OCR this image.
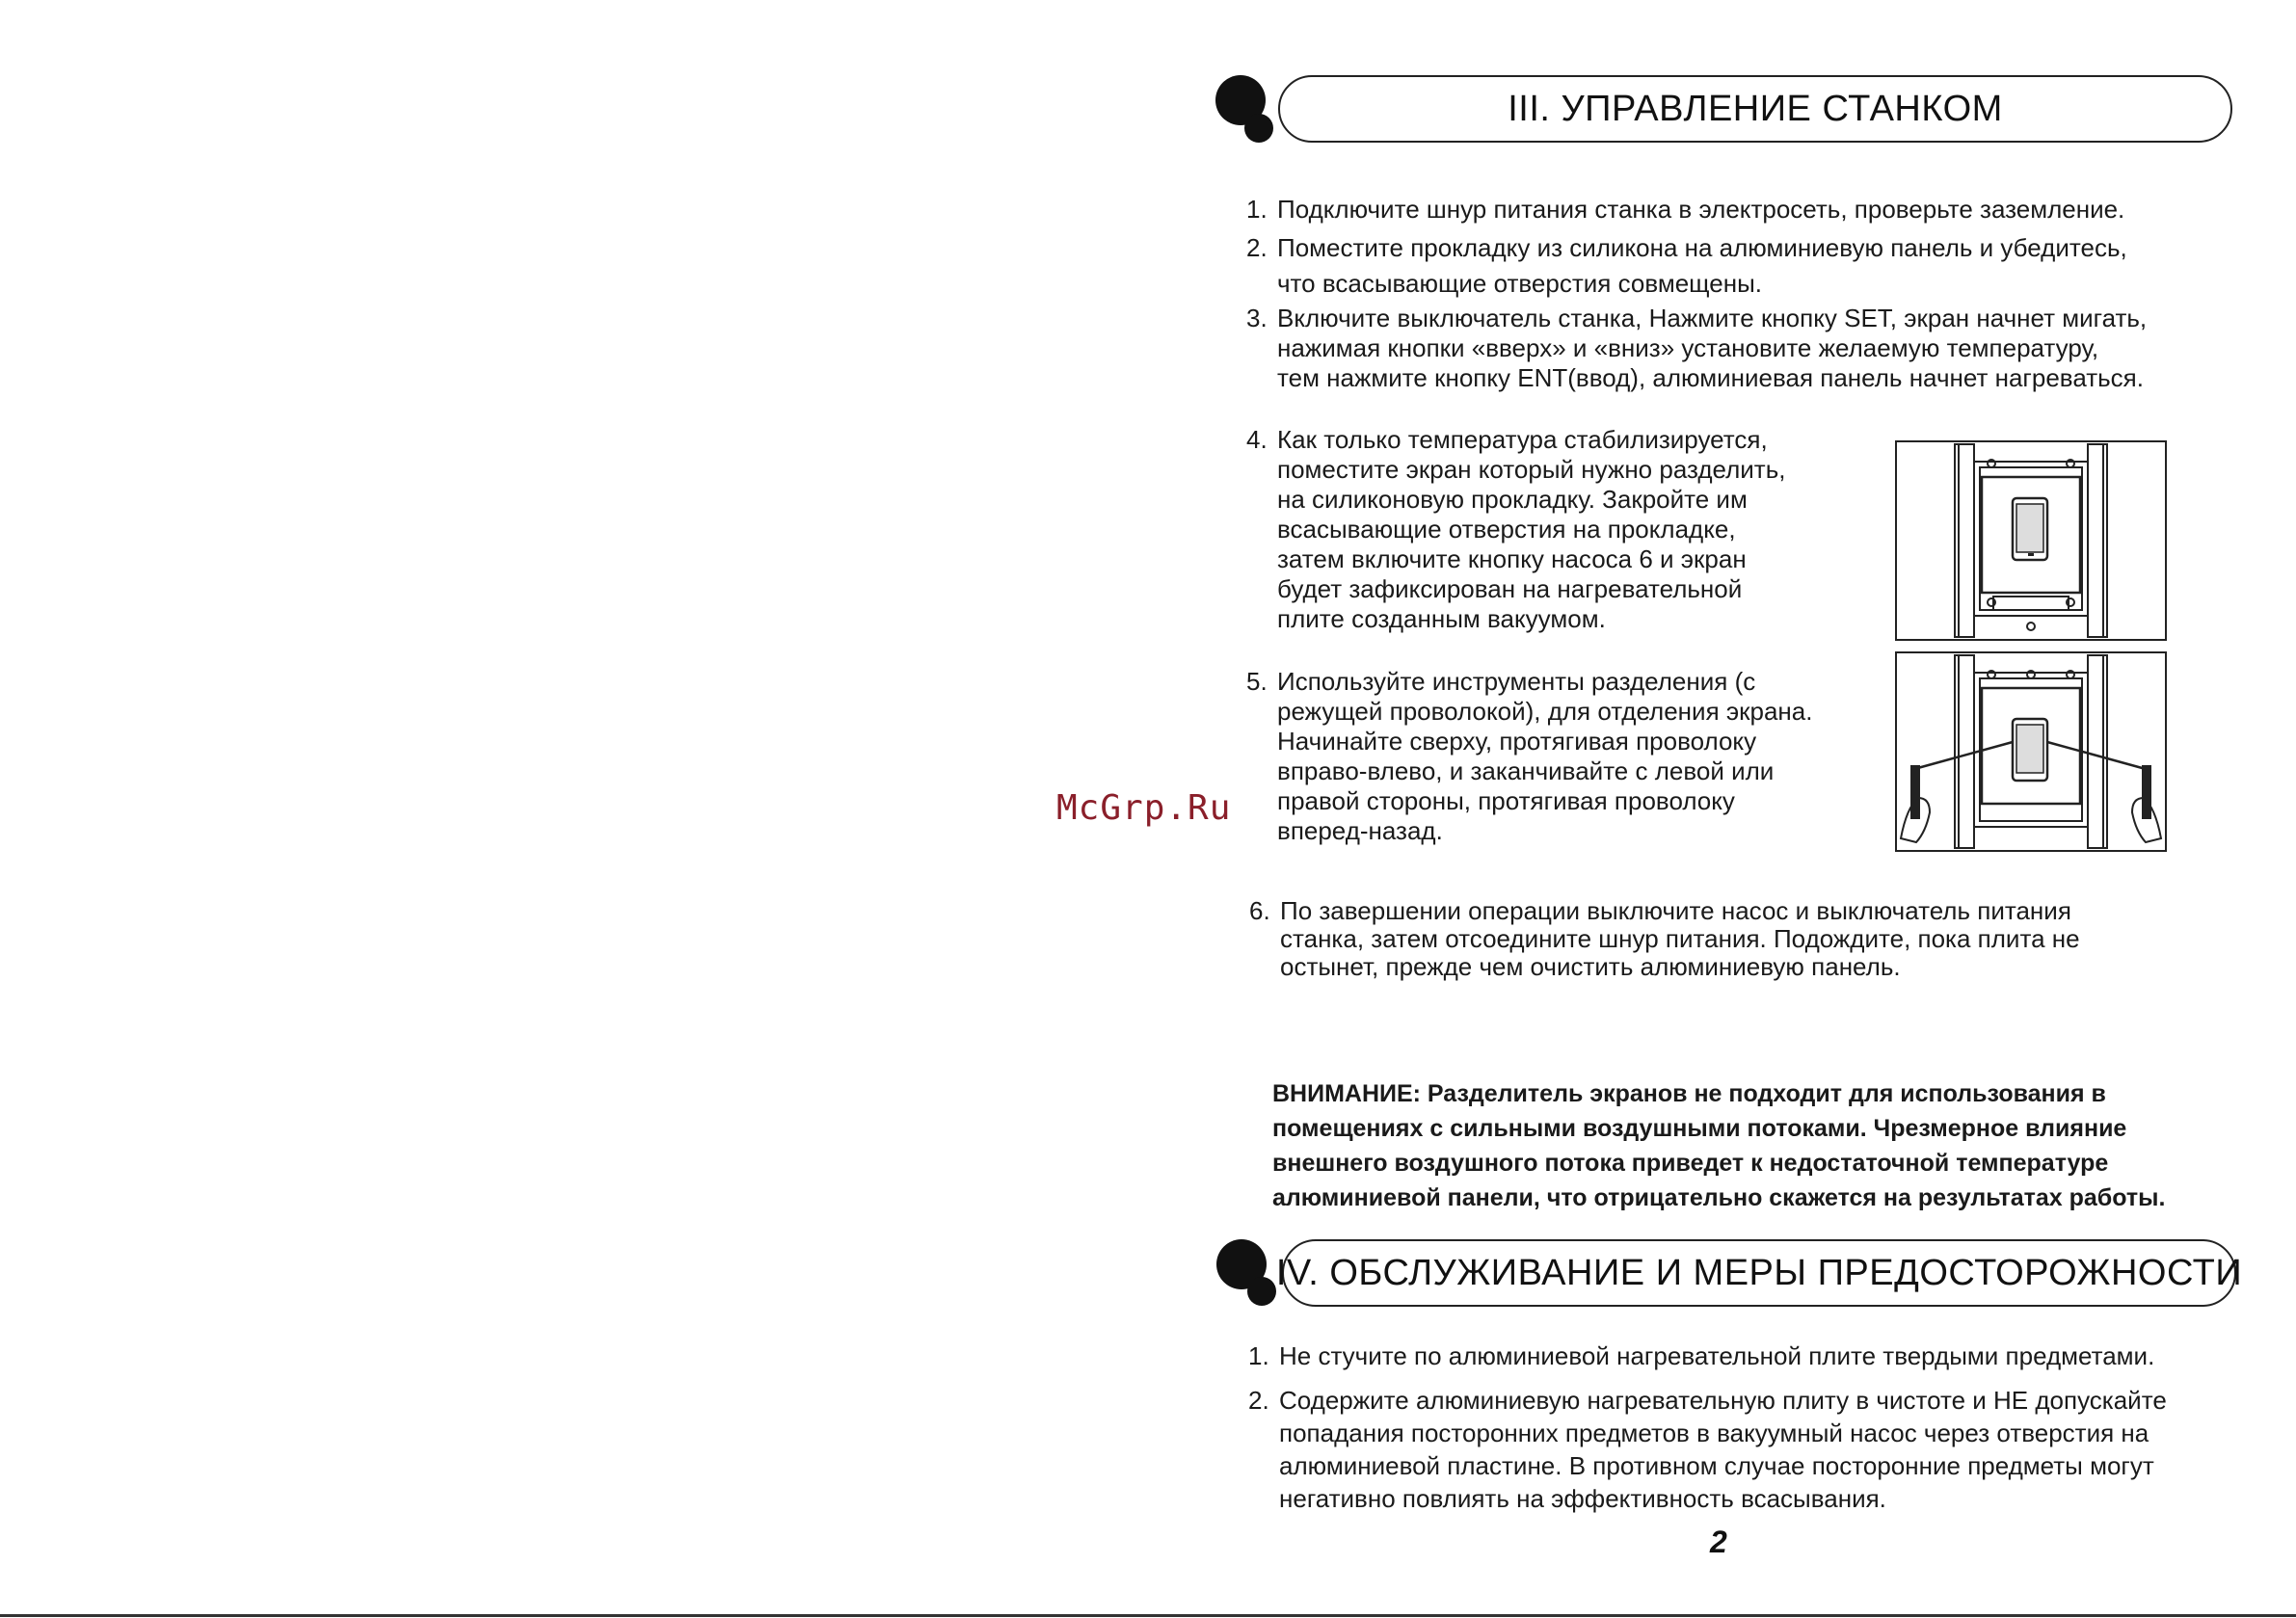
III. УПРАВЛЕНИЕ СТАНКОМ
1. Подключите шнур питания станка в электросеть, проверьте заземление.
2. Поместите прокладку из силикона на алюминиевую панель и убедитесь,
что всасывающие отверстия совмещены.
3. Включите выключатель станка, Нажмите кнопку SET, экран начнет мигать,
нажимая кнопки «вверх» и «вниз» установите желаемую температуру,
тем нажмите кнопку ENT(ввод), алюминиевая панель начнет нагреваться.
4. Как только температура стабилизируется,
поместите экран который нужно разделить,
на силиконовую прокладку. Закройте им
всасывающие отверстия на прокладке,
затем включите кнопку насоса 6 и экран
будет зафиксирован на нагревательной
плите созданным вакуумом.
5. Используйте инструменты разделения (с
режущей проволокой), для отделения экрана.
Начинайте сверху, протягивая проволоку
вправо-влево, и заканчивайте с левой или
правой стороны, протягивая проволоку
вперед-назад.
McGrp.Ru
6. По завершении операции выключите насос и выключатель питания
станка, затем отсоедините шнур питания. Подождите, пока плита не
остынет, прежде чем очистить алюминиевую панель.
ВНИМАНИЕ: Разделитель экранов не подходит для использования в
помещениях с сильными воздушными потоками. Чрезмерное влияние
внешнего воздушного потока приведет к недостаточной температуре
алюминиевой панели, что отрицательно скажется на результатах работы.
IV. ОБСЛУЖИВАНИЕ И МЕРЫ ПРЕДОСТОРОЖНОСТИ
1. Не стучите по алюминиевой нагревательной плите твердыми предметами.
2. Содержите алюминиевую нагревательную плиту в чистоте и НЕ допускайте
попадания посторонних предметов в вакуумный насос через отверстия на
алюминиевой пластине. В противном случае посторонние предметы могут
негативно повлиять на эффективность всасывания.
2
